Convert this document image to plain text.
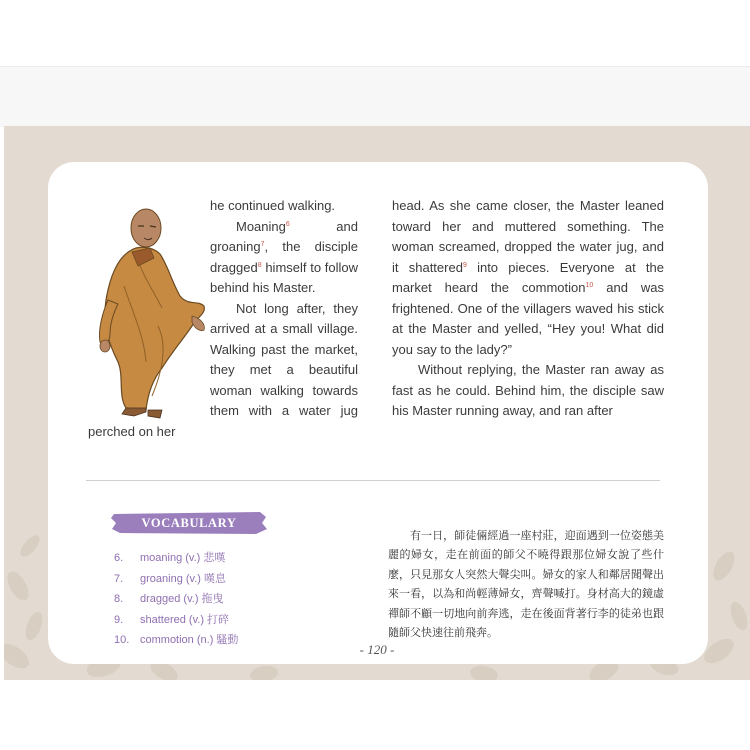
he continued walking.

Moaning$^6$ and groaning$^7$, the disciple dragged$^8$ himself to follow behind his Master.

Not long after, they arrived at a small village. Walking past the market, they met a beautiful woman walking towards them with a water jug perched on her

head. As she came closer, the Master leaned toward her and muttered something. The woman screamed, dropped the water jug, and it shattered$^9$ into pieces. Everyone at the market heard the commotion$^{10}$ and was frightened. One of the villagers waved his stick at the Master and yelled, “Hey you! What did you say to the lady?”

Without replying, the Master ran away as fast as he could. Behind him, the disciple saw his Master running away, and ran after

VOCABULARY
6. moaning (v.) 悲嘆
7. groaning (v.) 嘆息
8. dragged (v.) 拖曳
9. shattered (v.) 打碎
10. commotion (n.) 騷動
有一日，師徒倆經過一座村莊，迎面遇到一位姿態美麗的婦女，走在前面的師父不曉得跟那位婦女說了些什麼，只見那女人突然大聲尖叫。婦女的家人和鄰居聞聲出來一看，以為和尚輕薄婦女，齊聲喊打。身材高大的鏡虛禪師不顧一切地向前奔逃，走在後面背著行李的徒弟也跟隨師父快速往前飛奔。
- 120 -
